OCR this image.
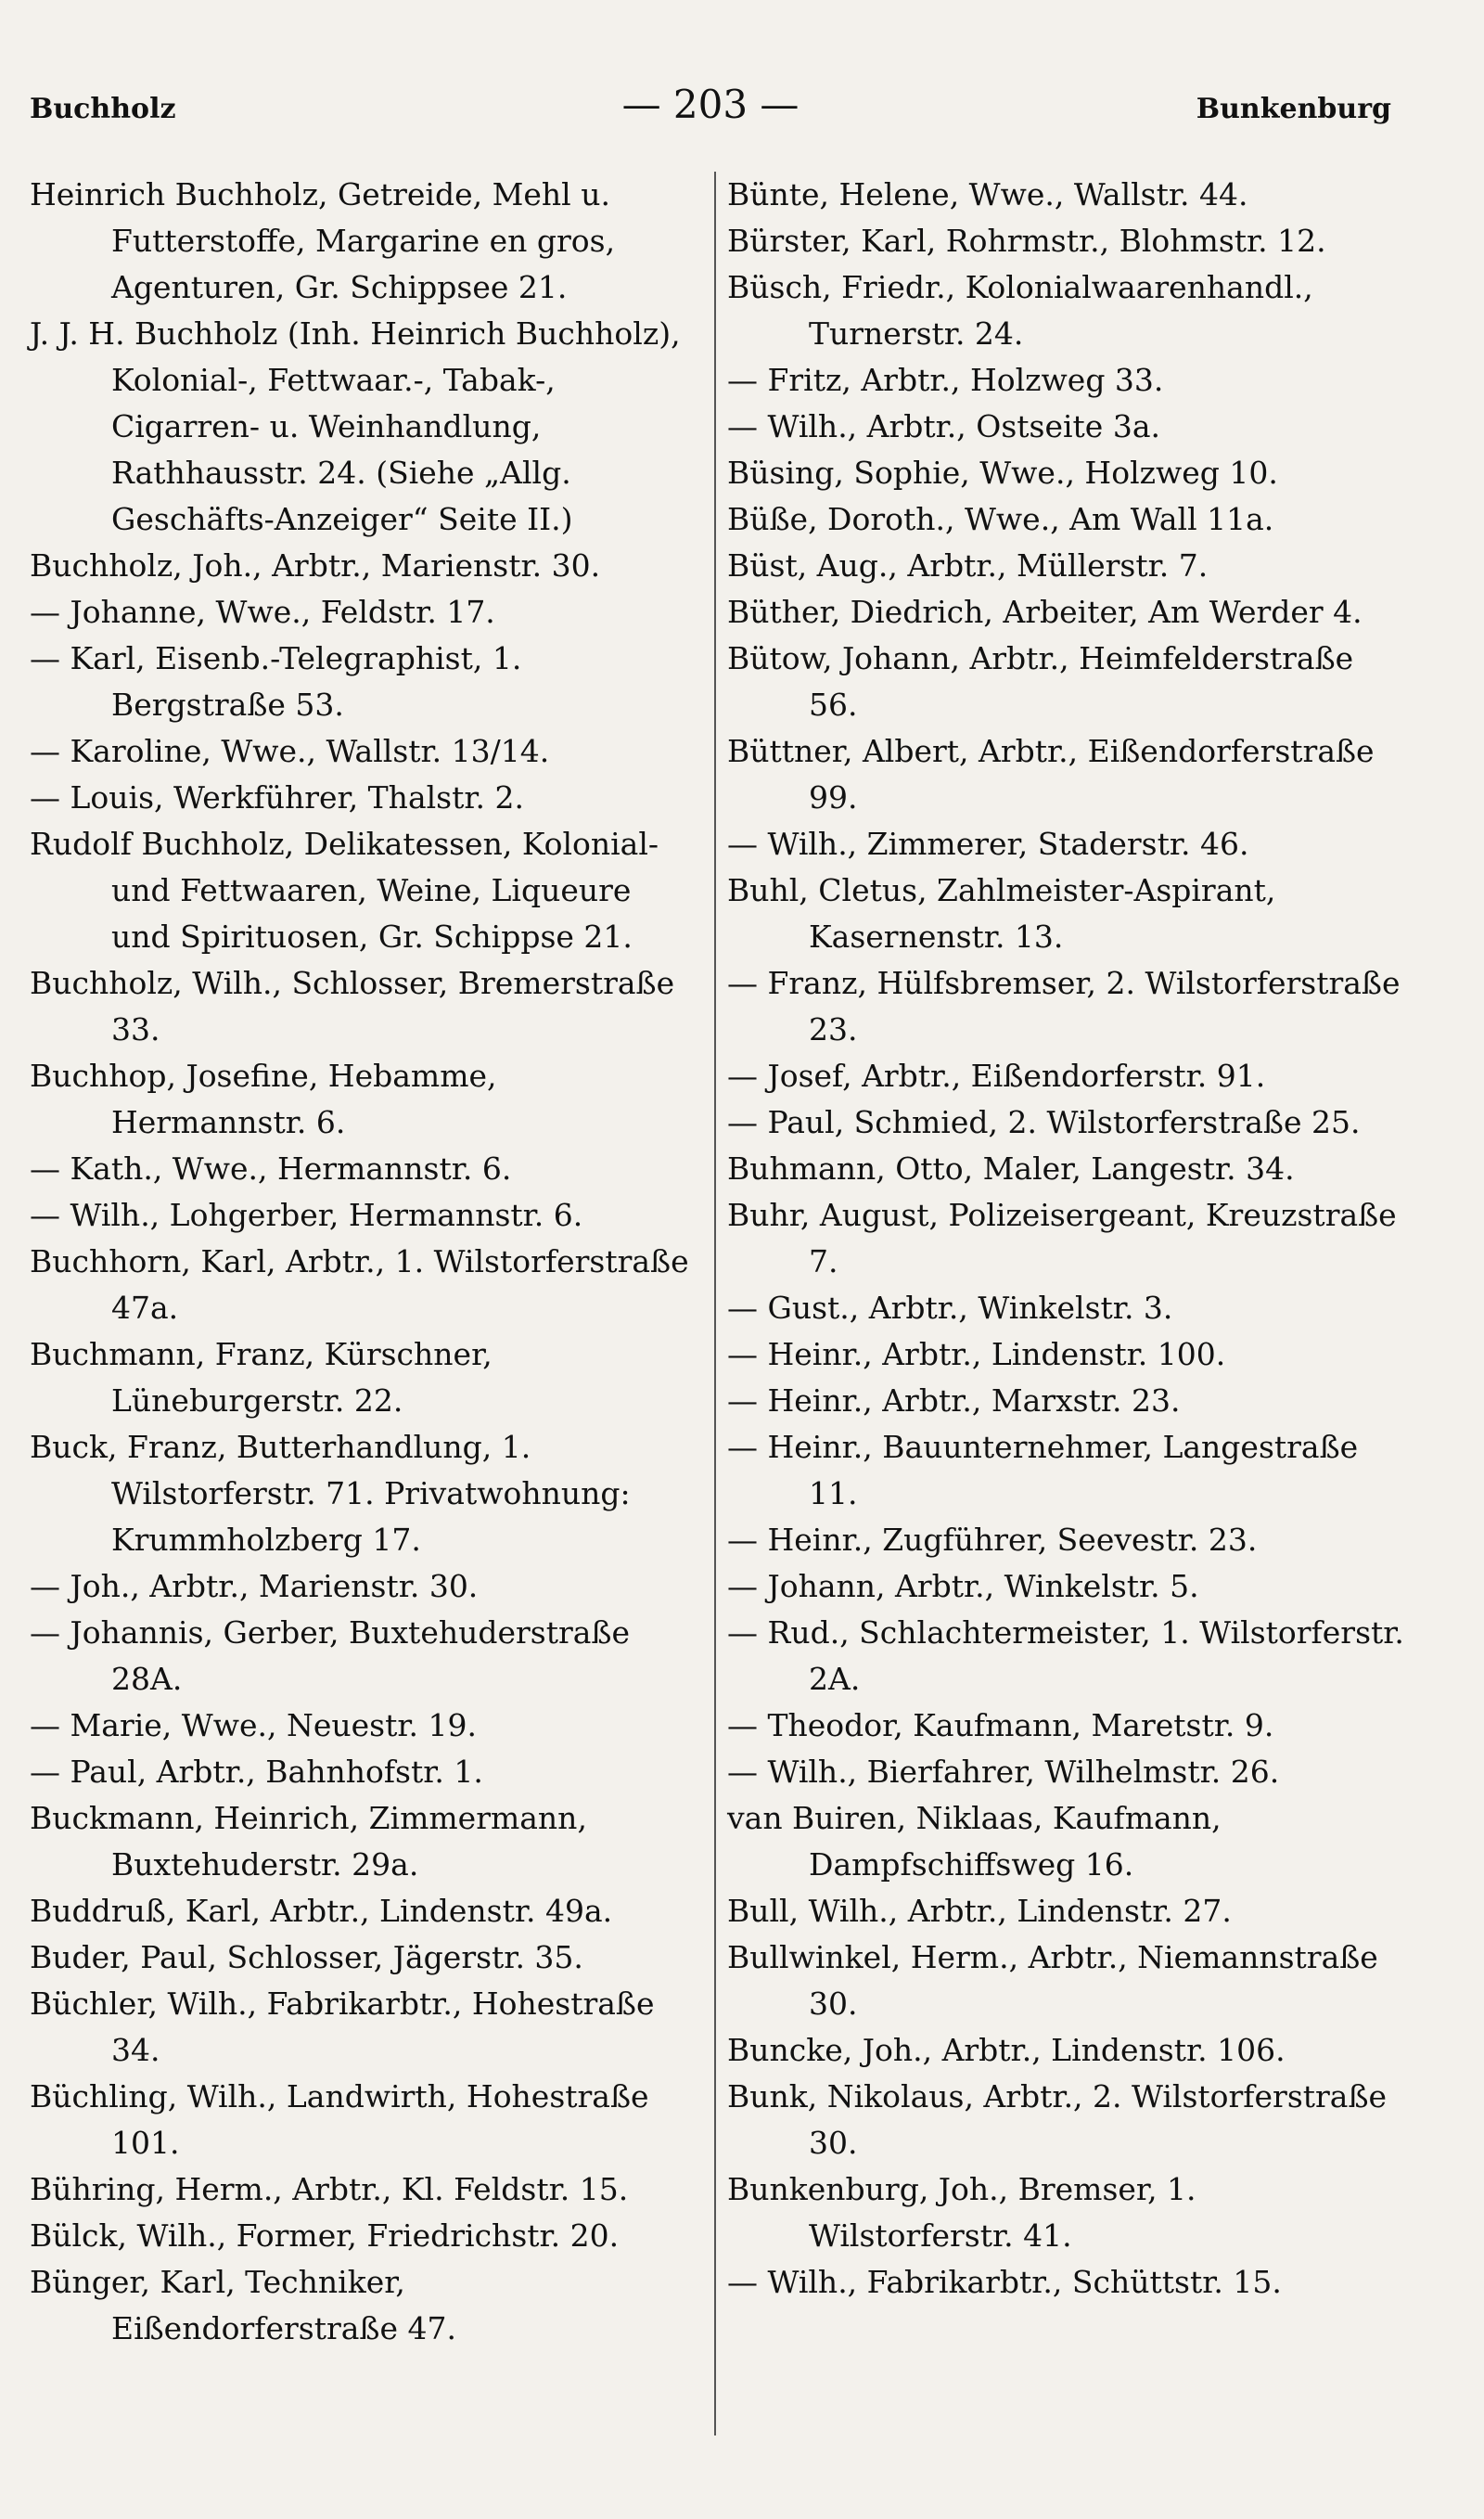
Buchholz	— 203 —	Bunkenburg

Heinrich Buchholz, Getreide, Mehl u. Futterstoffe, Margarine en gros, Agenturen, Gr. Schippsee 21.

J. J. H. Buchholz (Inh. Heinrich Buchholz), Kolonial-, Fettwaar.-, Tabak-, Cigarren- u. Weinhandlung, Rathhausstr. 24. (Siehe „Allg. Geschäfts-Anzeiger“ Seite II.)

Buchholz, Joh., Arbtr., Marienstr. 30.

— Johanne, Wwe., Feldstr. 17.

— Karl, Eisenb.-Telegraphist, 1. Bergstraße 53.

— Karoline, Wwe., Wallstr. 13/14.

— Louis, Werkführer, Thalstr. 2.

Rudolf Buchholz, Delikatessen, Kolonial- und Fettwaaren, Weine, Liqueure und Spirituosen, Gr. Schippse 21.

Buchholz, Wilh., Schlosser, Bremerstraße 33.

Buchhop, Josefine, Hebamme, Hermannstr. 6.

— Kath., Wwe., Hermannstr. 6.

— Wilh., Lohgerber, Hermannstr. 6.

Buchhorn, Karl, Arbtr., 1. Wilstorferstraße 47a.

Buchmann, Franz, Kürschner, Lüneburgerstr. 22.

Buck, Franz, Butterhandlung, 1. Wilstorferstr. 71. Privatwohnung: Krummholzberg 17.

— Joh., Arbtr., Marienstr. 30.

— Johannis, Gerber, Buxtehuderstraße 28A.

— Marie, Wwe., Neuestr. 19.

— Paul, Arbtr., Bahnhofstr. 1.

Buckmann, Heinrich, Zimmermann, Buxtehuderstr. 29a.

Buddruß, Karl, Arbtr., Lindenstr. 49a.

Buder, Paul, Schlosser, Jägerstr. 35.

Büchler, Wilh., Fabrikarbtr., Hohestraße 34.

Büchling, Wilh., Landwirth, Hohestraße 101.

Bühring, Herm., Arbtr., Kl. Feldstr. 15.

Bülck, Wilh., Former, Friedrichstr. 20.

Bünger, Karl, Techniker, Eißendorferstraße 47.

Bünte, Helene, Wwe., Wallstr. 44.

Bürster, Karl, Rohrmstr., Blohmstr. 12.

Büsch, Friedr., Kolonialwaarenhandl., Turnerstr. 24.

— Fritz, Arbtr., Holzweg 33.

— Wilh., Arbtr., Ostseite 3a.

Büsing, Sophie, Wwe., Holzweg 10.

Büße, Doroth., Wwe., Am Wall 11a.

Büst, Aug., Arbtr., Müllerstr. 7.

Büther, Diedrich, Arbeiter, Am Werder 4.

Bütow, Johann, Arbtr., Heimfelderstraße 56.

Büttner, Albert, Arbtr., Eißendorferstraße 99.

— Wilh., Zimmerer, Staderstr. 46.

Buhl, Cletus, Zahlmeister-Aspirant, Kasernenstr. 13.

— Franz, Hülfsbremser, 2. Wilstorferstraße 23.

— Josef, Arbtr., Eißendorferstr. 91.

— Paul, Schmied, 2. Wilstorferstraße 25.

Buhmann, Otto, Maler, Langestr. 34.

Buhr, August, Polizeisergeant, Kreuzstraße 7.

— Gust., Arbtr., Winkelstr. 3.

— Heinr., Arbtr., Lindenstr. 100.

— Heinr., Arbtr., Marxstr. 23.

— Heinr., Bauunternehmer, Langestraße 11.

— Heinr., Zugführer, Seevestr. 23.

— Johann, Arbtr., Winkelstr. 5.

— Rud., Schlachtermeister, 1. Wilstorferstr. 2A.

— Theodor, Kaufmann, Maretstr. 9.

— Wilh., Bierfahrer, Wilhelmstr. 26.

van Buiren, Niklaas, Kaufmann, Dampfschiffsweg 16.

Bull, Wilh., Arbtr., Lindenstr. 27.

Bullwinkel, Herm., Arbtr., Niemannstraße 30.

Buncke, Joh., Arbtr., Lindenstr. 106.

Bunk, Nikolaus, Arbtr., 2. Wilstorferstraße 30.

Bunkenburg, Joh., Bremser, 1. Wilstorferstr. 41.

— Wilh., Fabrikarbtr., Schüttstr. 15.
